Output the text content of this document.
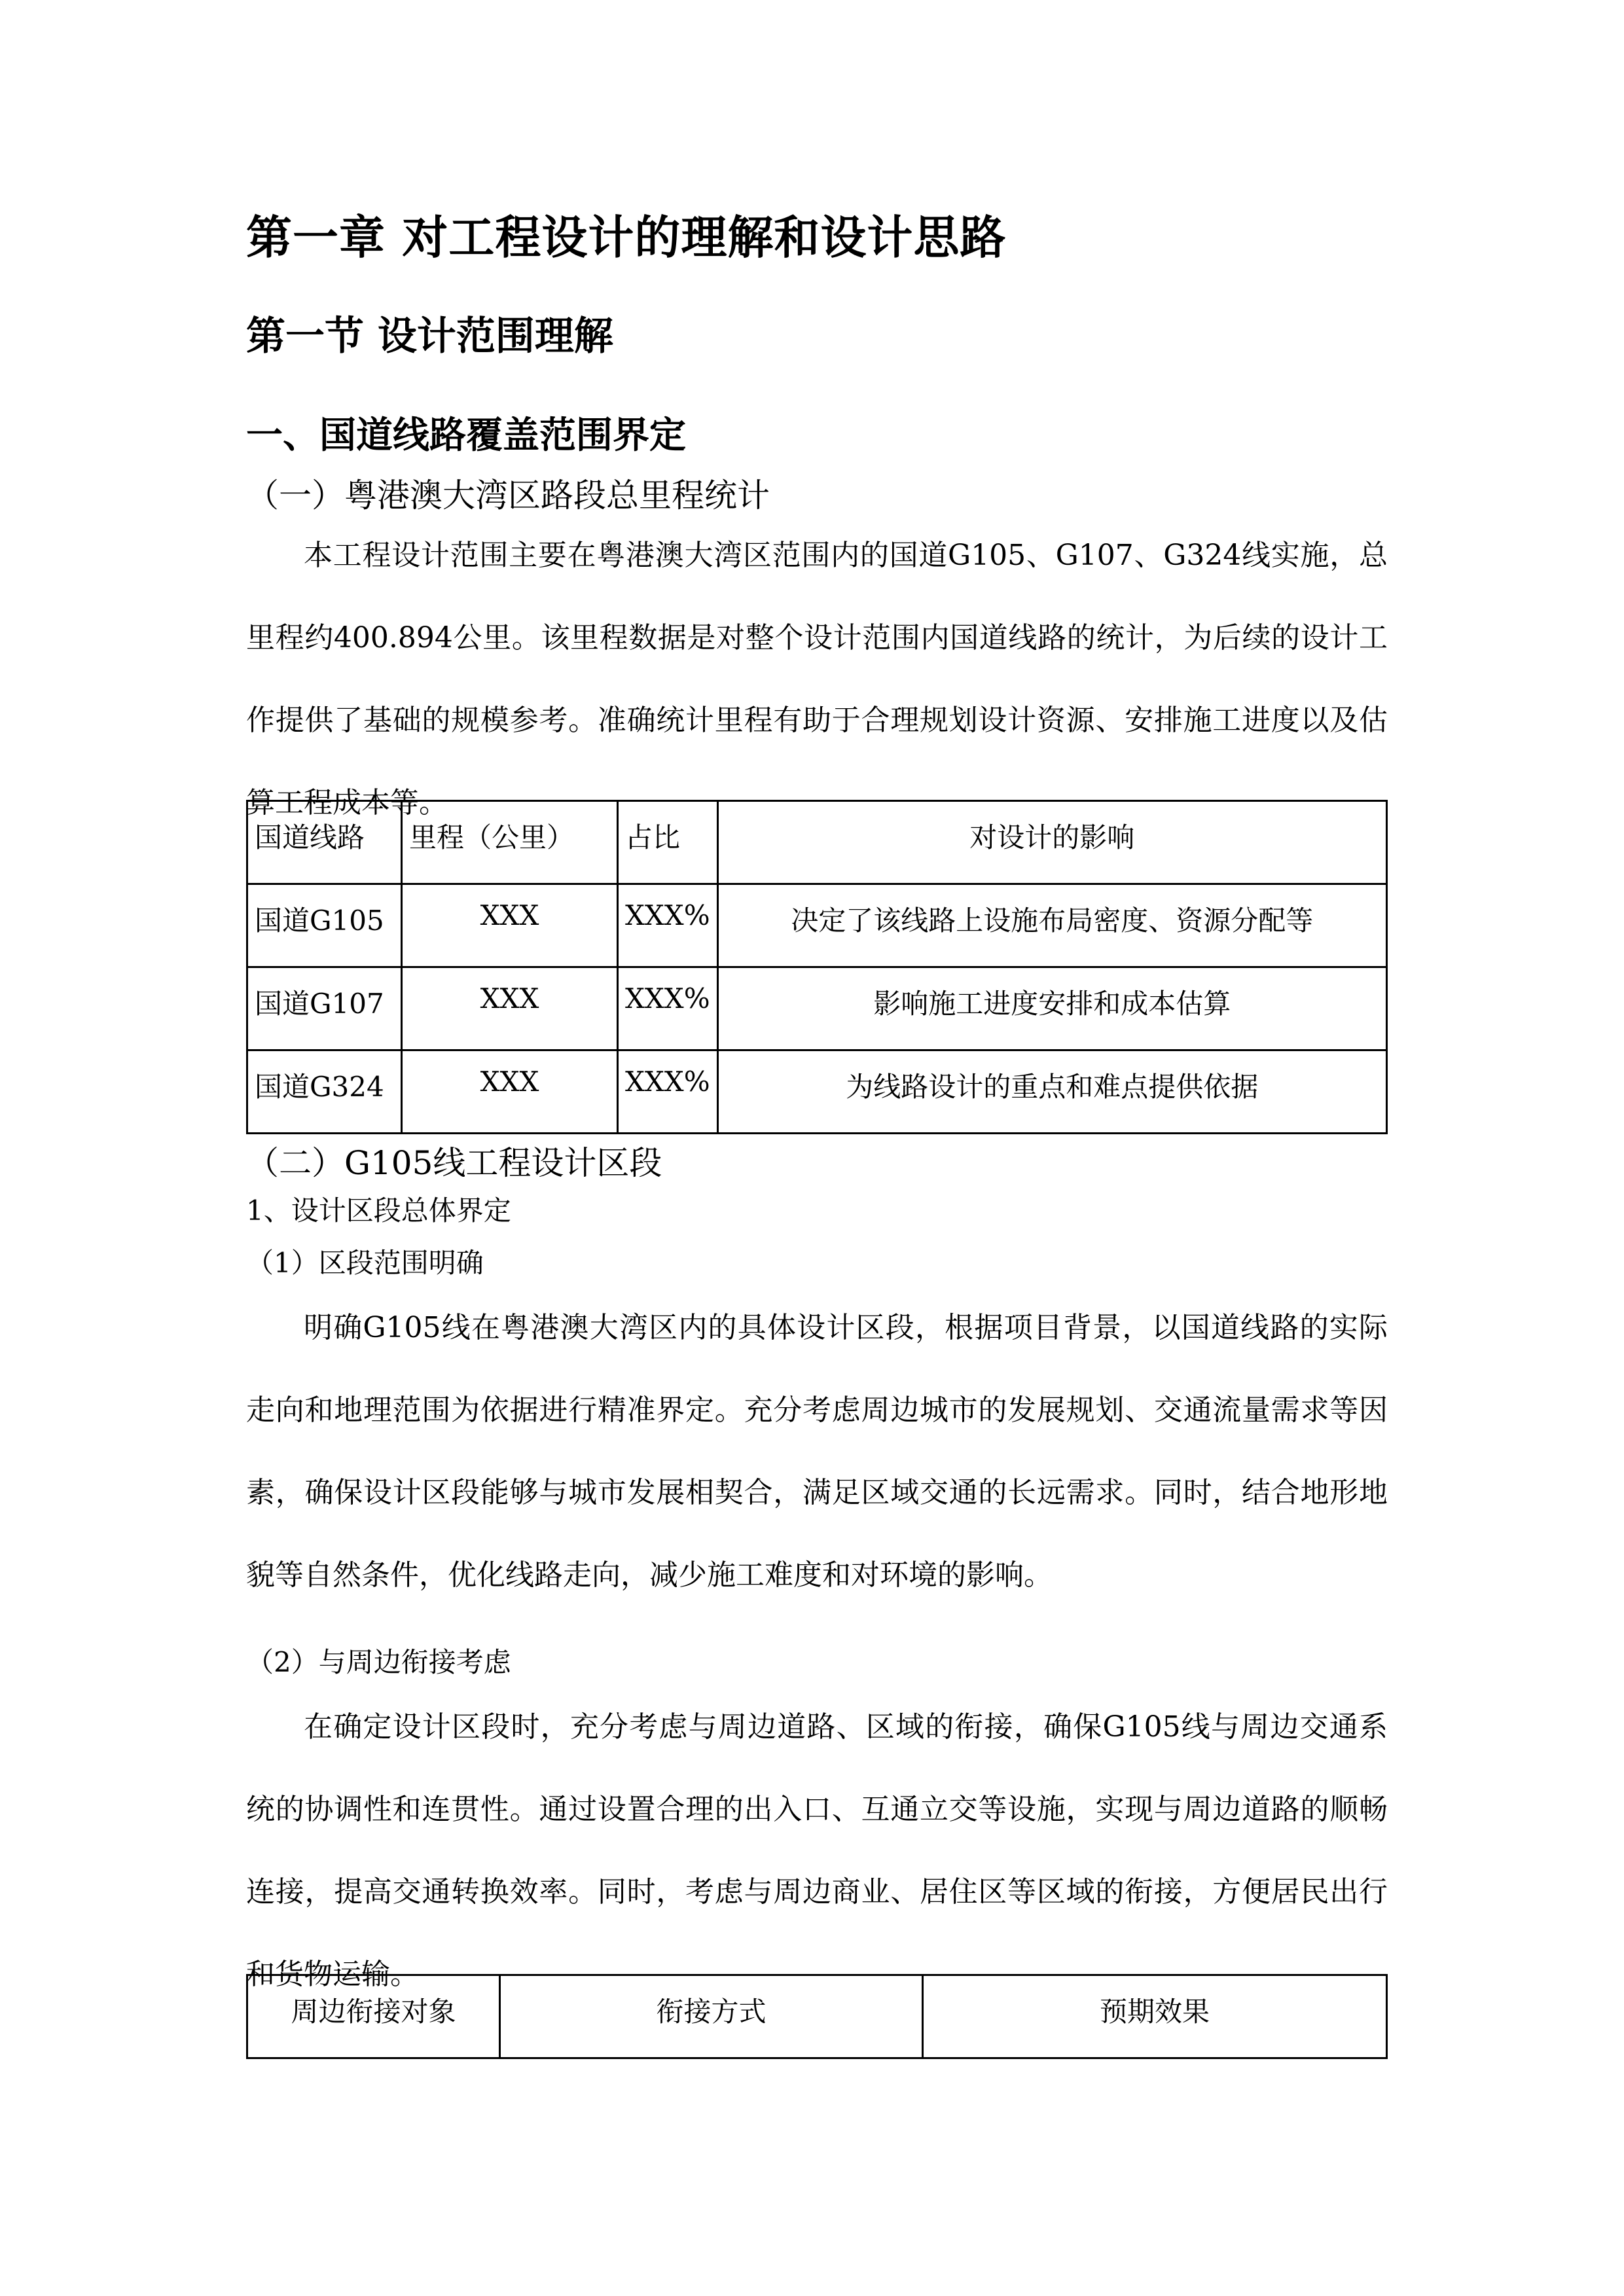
第一章 对工程设计的理解和设计思路
第一节 设计范围理解
一、国道线路覆盖范围界定
（一）粤港澳大湾区路段总里程统计

本工程设计范围主要在粤港澳大湾区范围内的国道G105、G107、G324线实施，总里程约400.894公里。该里程数据是对整个设计范围内国道线路的统计，为后续的设计工作提供了基础的规模参考。准确统计里程有助于合理规划设计资源、安排施工进度以及估算工程成本等。

国道线路	里程（公里）	占比	对设计的影响
国道G105	XXX	XXX%	决定了该线路上设施布局密度、资源分配等
国道G107	XXX	XXX%	影响施工进度安排和成本估算
国道G324	XXX	XXX%	为线路设计的重点和难点提供依据
（二）G105线工程设计区段
1、设计区段总体界定
（1）区段范围明确

明确G105线在粤港澳大湾区内的具体设计区段，根据项目背景，以国道线路的实际走向和地理范围为依据进行精准界定。充分考虑周边城市的发展规划、交通流量需求等因素，确保设计区段能够与城市发展相契合，满足区域交通的长远需求。同时，结合地形地貌等自然条件，优化线路走向，减少施工难度和对环境的影响。

（2）与周边衔接考虑

在确定设计区段时，充分考虑与周边道路、区域的衔接，确保G105线与周边交通系统的协调性和连贯性。通过设置合理的出入口、互通立交等设施，实现与周边道路的顺畅连接，提高交通转换效率。同时，考虑与周边商业、居住区等区域的衔接，方便居民出行和货物运输。

周边衔接对象	衔接方式	预期效果
